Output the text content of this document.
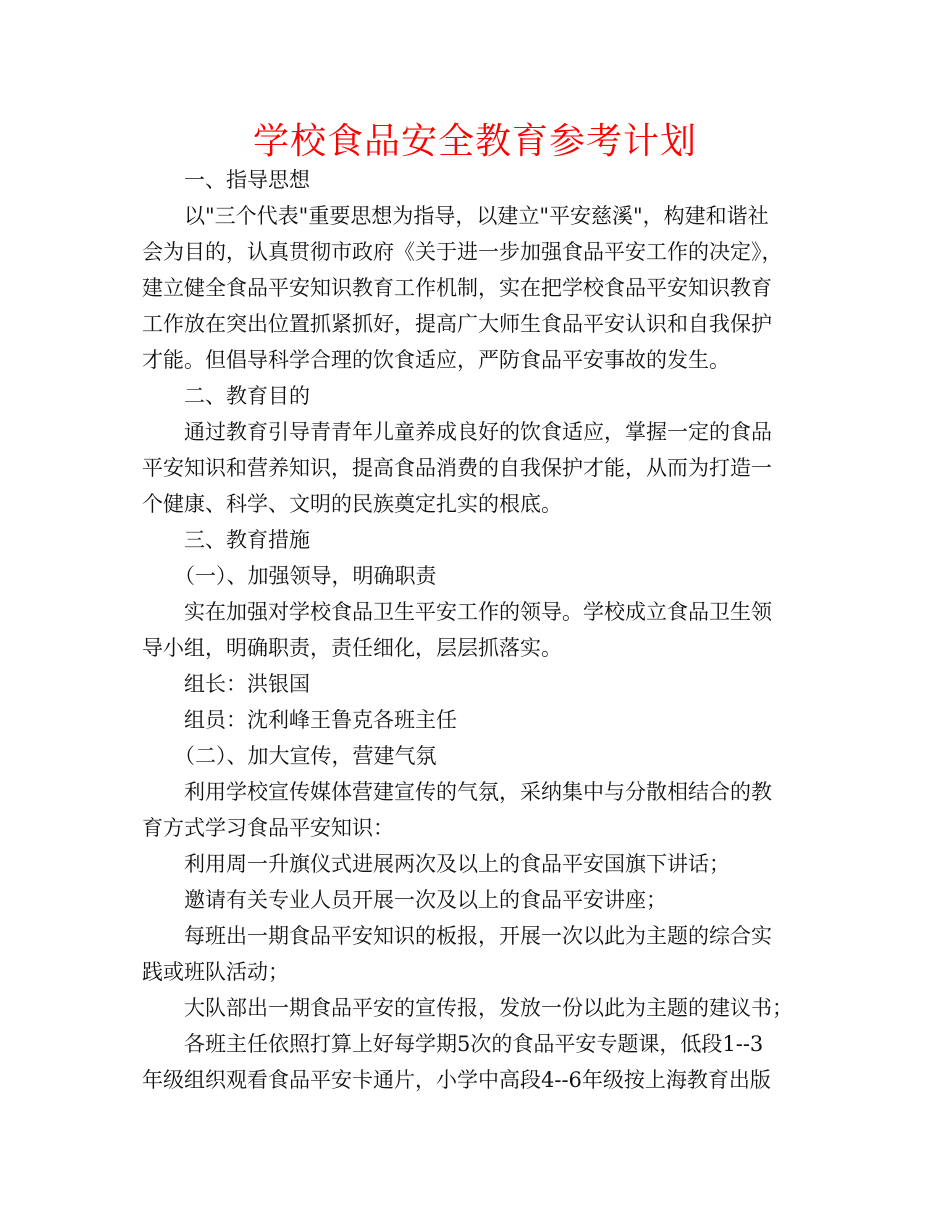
学校食品安全教育参考计划
一、指导思想
以"三个代表"重要思想为指导，以建立"平安慈溪"，构建和谐社
会为目的，认真贯彻市政府《关于进一步加强食品平安工作的决定》，
建立健全食品平安知识教育工作机制，实在把学校食品平安知识教育
工作放在突出位置抓紧抓好，提高广大师生食品平安认识和自我保护
才能。但倡导科学合理的饮食适应，严防食品平安事故的发生。
二、教育目的
通过教育引导青青年儿童养成良好的饮食适应，掌握一定的食品
平安知识和营养知识，提高食品消费的自我保护才能，从而为打造一
个健康、科学、文明的民族奠定扎实的根底。
三、教育措施
（一）、加强领导，明确职责
实在加强对学校食品卫生平安工作的领导。学校成立食品卫生领
导小组，明确职责，责任细化，层层抓落实。
组长：洪银国
组员：沈利峰王鲁克各班主任
（二）、加大宣传，营建气氛
利用学校宣传媒体营建宣传的气氛，采纳集中与分散相结合的教
育方式学习食品平安知识：
利用周一升旗仪式进展两次及以上的食品平安国旗下讲话；
邀请有关专业人员开展一次及以上的食品平安讲座；
每班出一期食品平安知识的板报，开展一次以此为主题的综合实
践或班队活动；
大队部出一期食品平安的宣传报，发放一份以此为主题的建议书；
各班主任依照打算上好每学期5次的食品平安专题课，低段1--3
年级组织观看食品平安卡通片，小学中高段4--6年级按上海教育出版
